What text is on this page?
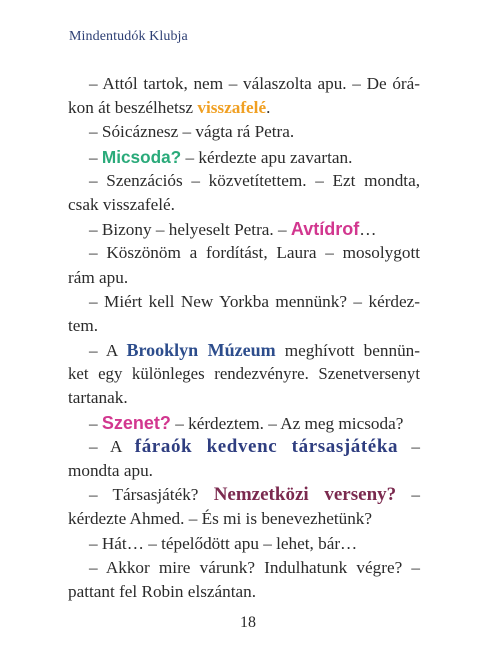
Mindentudók Klubja
– Attól tartok, nem – válaszolta apu. – De órá-
kon át beszélhetsz visszafelé.
– Sóicáznesz – vágta rá Petra.
– Micsoda? – kérdezte apu zavartan.
– Szenzációs – közvetítettem. – Ezt mondta,
csak visszafelé.
– Bizony – helyeselt Petra. – Avtídrof…
– Köszönöm a fordítást, Laura – mosolygott
rám apu.
– Miért kell New Yorkba mennünk? – kérdez-
tem.
– A Brooklyn Múzeum meghívott bennün-
ket egy különleges rendezvényre. Szenetversenyt
tartanak.
– Szenet? – kérdeztem. – Az meg micsoda?
– A fáraók kedvenc társasjátéka –
mondta apu.
– Társasjáték? Nemzetközi verseny? –
kérdezte Ahmed. – És mi is benevezhetünk?
– Hát… – tépelődött apu – lehet, bár…
– Akkor mire várunk? Indulhatunk végre? –
pattant fel Robin elszántan.
18
